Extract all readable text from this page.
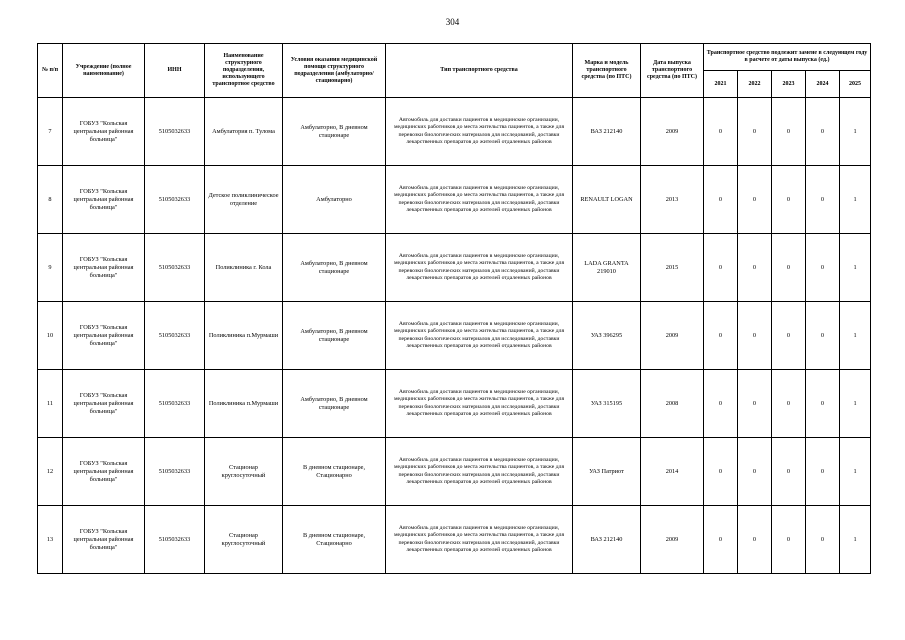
304
№ п/п	Учреждение (полное наименование)	ИНН	Наименование структурного подразделения, использующего транспортное средство	Условия оказания медицинской помощи структурного подразделения (амбулаторно/стационарно)	Тип транспортного средства	Марка и модель транспортного средства (по ПТС)	Дата выпуска транспортного средства (по ПТС)	Транспортное средство подлежит замене в следующем году в расчете от даты выпуска (ед.)				
								2021	2022	2023	2024	2025
7	ГОБУЗ "Кольская центральная районная больница"	5105032633	Амбулатория п. Тулома	Амбулаторно, В дневном стационаре	Автомобиль для доставки пациентов в медицинские организации, медицинских работников до места жительства пациентов, а также для перевозки биологических материалов для исследований, доставки лекарственных препаратов до жителей отдаленных районов	ВАЗ 212140	2009	0	0	0	0	1
8	ГОБУЗ "Кольская центральная районная больница"	5105032633	Детское поликлиническое отделение	Амбулаторно	Автомобиль для доставки пациентов в медицинские организации, медицинских работников до места жительства пациентов, а также для перевозки биологических материалов для исследований, доставки лекарственных препаратов до жителей отдаленных районов	RENAULT LOGAN	2013	0	0	0	0	1
9	ГОБУЗ "Кольская центральная районная больница"	5105032633	Поликлиника г. Кола	Амбулаторно, В дневном стационаре	Автомобиль для доставки пациентов в медицинские организации, медицинских работников до места жительства пациентов, а также для перевозки биологических материалов для исследований, доставки лекарственных препаратов до жителей отдаленных районов	LADA GRANTA 219010	2015	0	0	0	0	1
10	ГОБУЗ "Кольская центральная районная больница"	5105032633	Поликлиника п.Мурмаши	Амбулаторно, В дневном стационаре	Автомобиль для доставки пациентов в медицинские организации, медицинских работников до места жительства пациентов, а также для перевозки биологических материалов для исследований, доставки лекарственных препаратов до жителей отдаленных районов	УАЗ 396295	2009	0	0	0	0	1
11	ГОБУЗ "Кольская центральная районная больница"	5105032633	Поликлиника п.Мурмаши	Амбулаторно, В дневном стационаре	Автомобиль для доставки пациентов в медицинские организации, медицинских работников до места жительства пациентов, а также для перевозки биологических материалов для исследований, доставки лекарственных препаратов до жителей отдаленных районов	УАЗ 315195	2008	0	0	0	0	1
12	ГОБУЗ "Кольская центральная районная больница"	5105032633	Стационар круглосуточный	В дневном стационаре, Стационарно	Автомобиль для доставки пациентов в медицинские организации, медицинских работников до места жительства пациентов, а также для перевозки биологических материалов для исследований, доставки лекарственных препаратов до жителей отдаленных районов	УАЗ Патриот	2014	0	0	0	0	1
13	ГОБУЗ "Кольская центральная районная больница"	5105032633	Стационар круглосуточный	В дневном стационаре, Стационарно	Автомобиль для доставки пациентов в медицинские организации, медицинских работников до места жительства пациентов, а также для перевозки биологических материалов для исследований, доставки лекарственных препаратов до жителей отдаленных районов	ВАЗ 212140	2009	0	0	0	0	1
